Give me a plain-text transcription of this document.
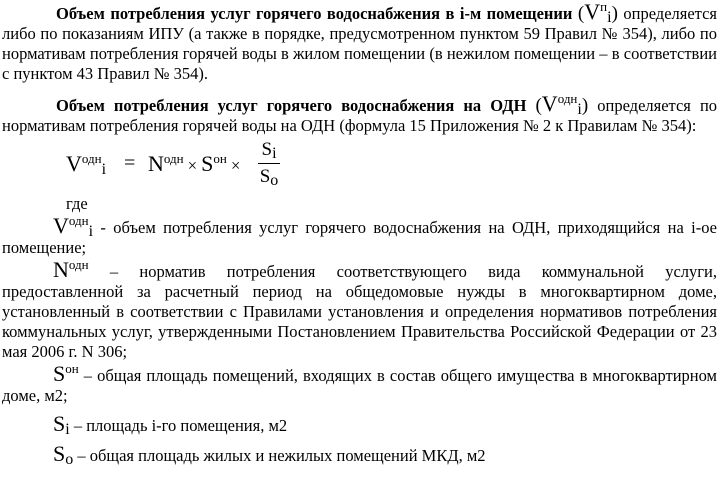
Объем потребления услуг горячего водоснабжения в i-м помещении $(V^пi)$ определяется либо по показаниям ИПУ (а также в порядке, предусмотренном пунктом 59 Правил № 354), либо по нормативам потребления горячей воды в жилом помещении (в нежилом помещении – в соответствии с пунктом 43 Правил № 354).

Объем потребления услуг горячего водоснабжения на ОДН $(V^{одн}i)$ определяется по нормативам потребления горячей воды на ОДН (формула 15 Приложения № 2 к Правилам № 354):

$V^{одн}i = N^{одн} \times S^{он}$ ×
Si
Sо

где

$V^{одн}i$ - объем потребления услуг горячего водоснабжения на ОДН, приходящийся на i-ое помещение;

$N^{одн}$ – норматив потребления соответствующего вида коммунальной услуги, предоставленной за расчетный период на общедомовые нужды в многоквартирном доме, установленный в соответствии с Правилами установления и определения нормативов потребления коммунальных услуг, утвержденными Постановлением Правительства Российской Федерации от 23 мая 2006 г. N 306;

$S^{он}$ – общая площадь помещений, входящих в состав общего имущества в многоквартирном доме, м2;

Si – площадь i-го помещения, м2

Sо – общая площадь жилых и нежилых помещений МКД, м2
